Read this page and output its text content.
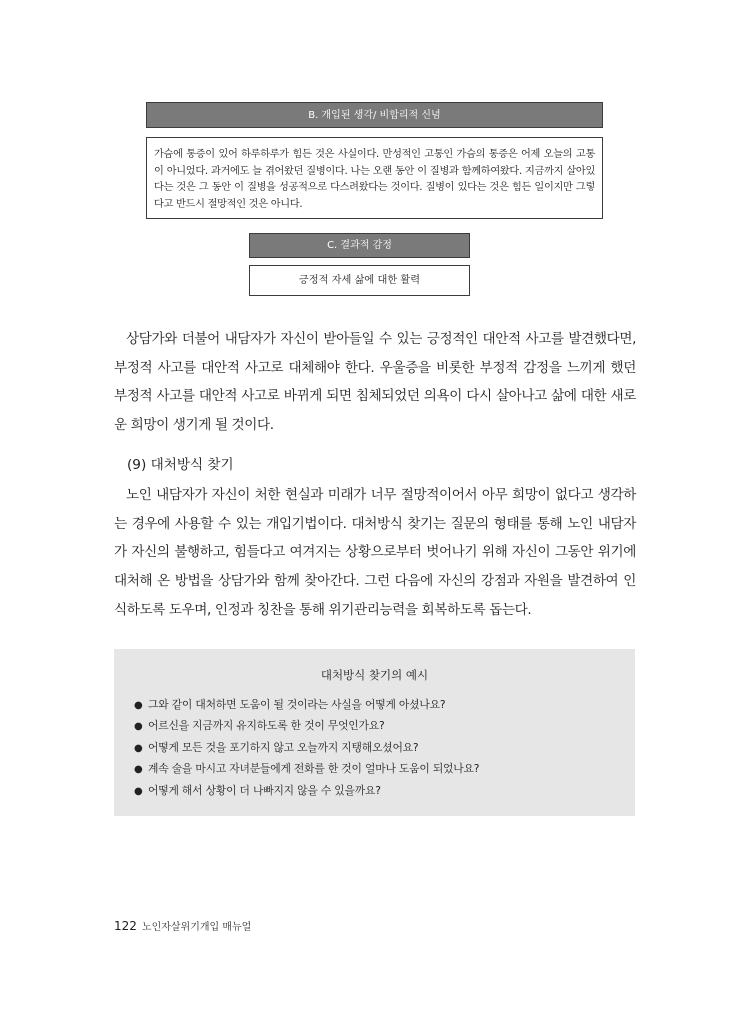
B. 개입된 생각/ 비합리적 신념
가슴에 통증이 있어 하루하루가 힘든 것은 사실이다. 만성적인 고통인 가슴의 통증은 어제 오늘의 고통이 아니었다. 과거에도 늘 겪어왔던 질병이다. 나는 오랜 동안 이 질병과 함께하여왔다. 지금까지 살아있다는 것은 그 동안 이 질병을 성공적으로 다스려왔다는 것이다. 질병이 있다는 것은 힘든 일이지만 그렇다고 반드시 절망적인 것은 아니다.
C. 결과적 감정
긍정적 자세 삶에 대한 활력

상담가와 더불어 내담자가 자신이 받아들일 수 있는 긍정적인 대안적 사고를 발견했다면, 부정적 사고를 대안적 사고로 대체해야 한다. 우울증을 비롯한 부정적 감정을 느끼게 했던 부정적 사고를 대안적 사고로 바뀌게 되면 침체되었던 의욕이 다시 살아나고 삶에 대한 새로운 희망이 생기게 될 것이다.

(9) 대처방식 찾기

노인 내담자가 자신이 처한 현실과 미래가 너무 절망적이어서 아무 희망이 없다고 생각하는 경우에 사용할 수 있는 개입기법이다. 대처방식 찾기는 질문의 형태를 통해 노인 내담자가 자신의 불행하고, 힘들다고 여겨지는 상황으로부터 벗어나기 위해 자신이 그동안 위기에 대처해 온 방법을 상담가와 함께 찾아간다. 그런 다음에 자신의 강점과 자원을 발견하여 인식하도록 도우며, 인정과 칭찬을 통해 위기관리능력을 회복하도록 돕는다.

대처방식 찾기의 예시
● 그와 같이 대처하면 도움이 될 것이라는 사실을 어떻게 아셨나요?
● 어르신을 지금까지 유지하도록 한 것이 무엇인가요?
● 어떻게 모든 것을 포기하지 않고 오늘까지 지탱해오셨어요?
● 계속 술을 마시고 자녀분들에게 전화를 한 것이 얼마나 도움이 되었나요?
● 어떻게 해서 상황이 더 나빠지지 않을 수 있을까요?
122 노인자살위기개입 매뉴얼
